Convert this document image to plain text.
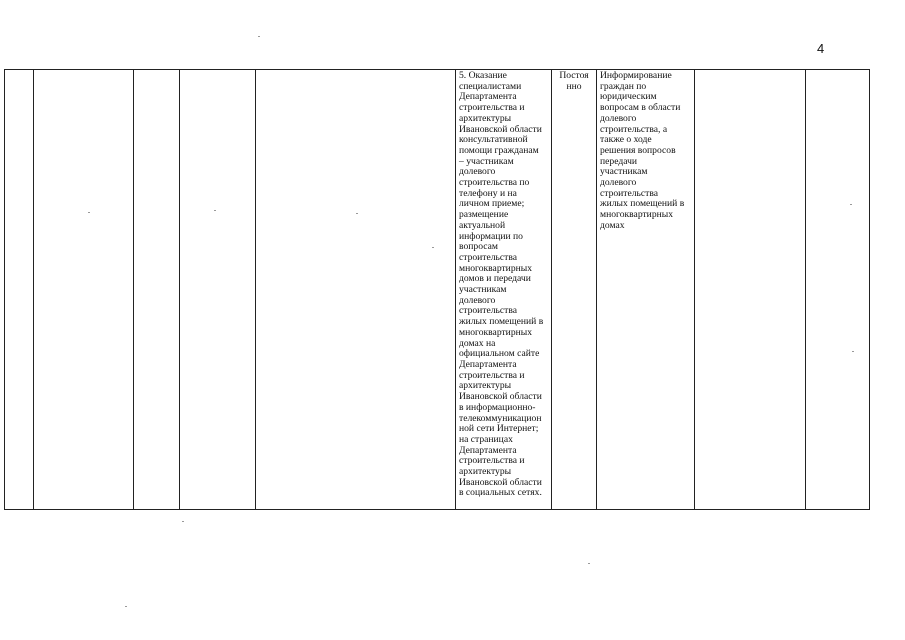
4

5. Оказание
специалистами
Департамента
строительства и
архитектуры
Ивановской области
консультативной
помощи гражданам
– участникам
долевого
строительства по
телефону и на
личном приеме;
размещение
актуальной
информации по
вопросам
строительства
многоквартирных
домов и передачи
участникам
долевого
строительства
жилых помещений в
многоквартирных
домах на
официальном сайте
Департамента
строительства и
архитектуры
Ивановской области
в информационно-
телекоммуникацион
ной сети Интернет;
на страницах
Департамента
строительства и
архитектуры
Ивановской области
в социальных сетях.

Постоя
нно

Информирование
граждан по
юридическим
вопросам в области
долевого
строительства, а
также о ходе
решения вопросов
передачи
участникам
долевого
строительства
жилых помещений в
многоквартирных
домах
